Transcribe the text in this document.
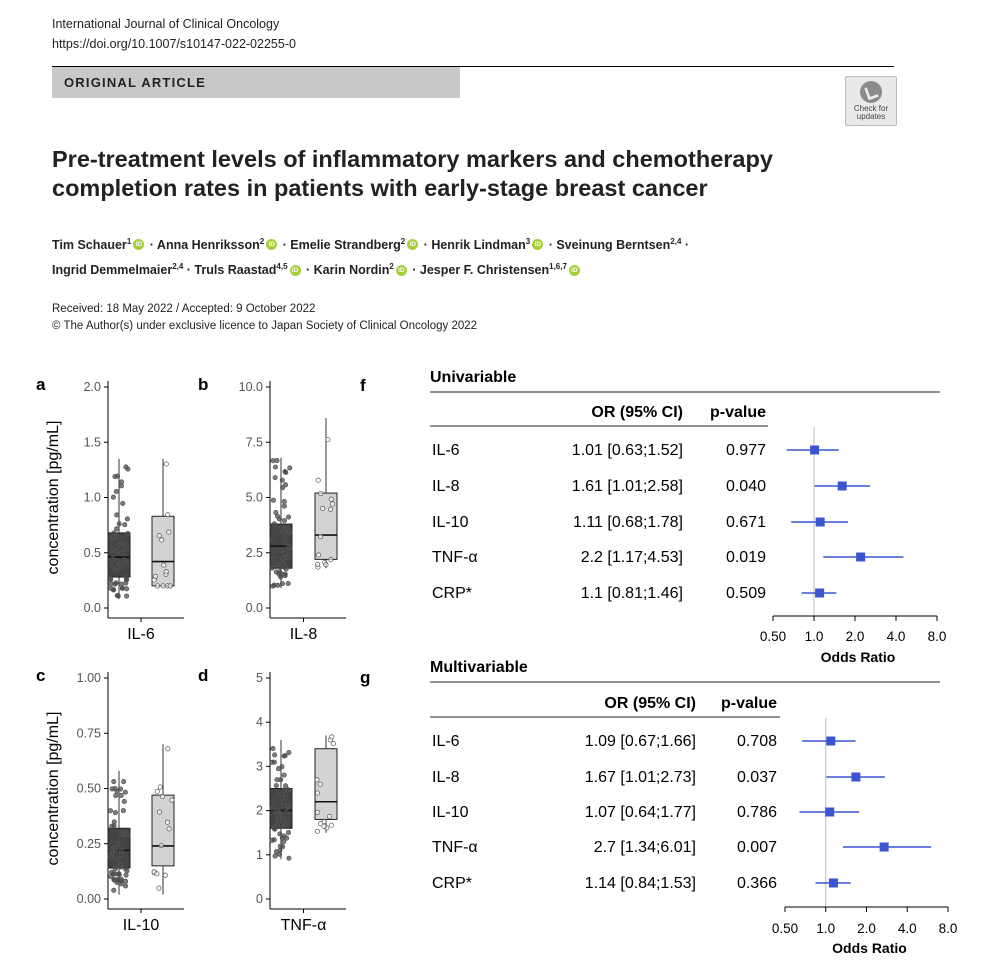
International Journal of Clinical Oncology
https://doi.org/10.1007/s10147-022-02255-0
ORIGINAL ARTICLE
Check for
updates
Pre-treatment levels of inflammatory markers and chemotherapy
completion rates in patients with early-stage breast cancer
Tim Schauer$^1$ iD · Anna Henriksson$^2$ iD · Emelie Strandberg$^2$ iD · Henrik Lindman$^3$ iD · Sveinung Berntsen$^{2,4}$ ·
Ingrid Demmelmaier$^{2,4}$ · Truls Raastad$^{4,5}$ iD · Karin Nordin$^2$ iD · Jesper F. Christensen$^{1,6,7}$ iD
Received: 18 May 2022 / Accepted: 9 October 2022
© The Author(s) under exclusive licence to Japan Society of Clinical Oncology 2022
a
0.0
0.5
1.0
1.5
2.0
IL-6
concentration [pg/mL]
b
0.0
2.5
5.0
7.5
10.0
IL-8
c
0.00
0.25
0.50
0.75
1.00
IL-10
concentration [pg/mL]
d
0
1
2
3
4
5
TNF-α
f	Univariable
OR (95% CI) p-value
IL-6	1.01 [0.63;1.52]	0.977
IL-8	1.61 [1.01;2.58]	0.040
IL-10	1.11 [0.68;1.78]	0.671
TNF-α	2.2 [1.17;4.53]	0.019
CRP*	1.1 [0.81;1.46]	0.509
0.50 1.0 2.0 4.0 8.0
Odds Ratio
g
Multivariable
OR (95% CI) p-value
IL-6	1.09 [0.67;1.66]	0.708
IL-8	1.67 [1.01;2.73]	0.037
IL-10	1.07 [0.64;1.77]	0.786
TNF-α	2.7 [1.34;6.01]	0.007
CRP*	1.14 [0.84;1.53]	0.366
0.50 1.0 2.0 4.0 8.0
Odds Ratio
